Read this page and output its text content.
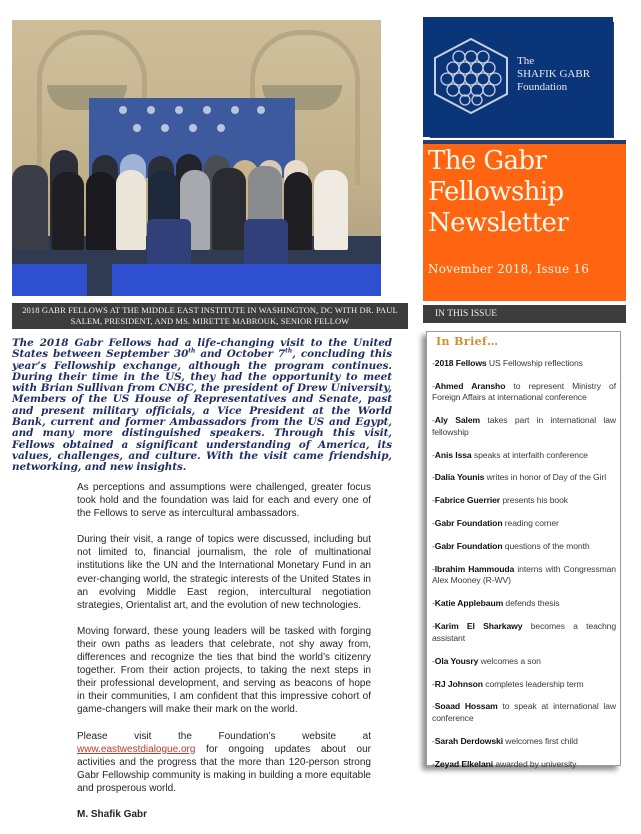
2018 GABR FELLOWS AT THE MIDDLE EAST INSTITUTE IN WASHINGTON, DC WITH DR. PAUL SALEM, PRESIDENT, AND MS. MIRETTE MABROUK, SENIOR FELLOW
The 2018 Gabr Fellows had a life-changing visit to the United States between September 30th and October 7th, concluding this year’s Fellowship exchange, although the program continues. During their time in the US, they had the opportunity to meet with Brian Sullivan from CNBC, the president of Drew University, Members of the US House of Representatives and Senate, past and present military officials, a Vice President at the World Bank, current and former Ambassadors from the US and Egypt, and many more distinguished speakers. Through this visit, Fellows obtained a significant understanding of America, its values, challenges, and culture. With the visit came friendship, networking, and new insights.

As perceptions and assumptions were challenged, greater focus took hold and the foundation was laid for each and every one of the Fellows to serve as intercultural ambassadors.

During their visit, a range of topics were discussed, including but not limited to, financial journalism, the role of multinational institutions like the UN and the International Monetary Fund in an ever-changing world, the strategic interests of the United States in an evolving Middle East region, intercultural negotiation strategies, Orientalist art, and the evolution of new technologies.

Moving forward, these young leaders will be tasked with forging their own paths as leaders that celebrate, not shy away from, differences and recognize the ties that bind the world’s citizenry together. From their action projects, to taking the next steps in their professional development, and serving as beacons of hope in their communities, I am confident that this impressive cohort of game-changers will make their mark on the world.

Please visit the Foundation’s website at www.eastwestdialogue.org for ongoing updates about our activities and the progress that the more than 120-person strong Gabr Fellowship community is making in building a more equitable and prosperous world.

M. Shafik Gabr

The
SHAFIK GABR
Foundation
The Gabr
Fellowship
Newsletter
November 2018, Issue 16
IN THIS ISSUE
In Brief…
-2018 Fellows US Fellowship reflections
-Ahmed Aransho to represent Ministry of Foreign Affairs at international conference
-Aly Salem takes part in international law fellowship
-Anis Issa speaks at interfaith conference
-Dalia Younis writes in honor of Day of the Girl
-Fabrice Guerrier presents his book
-Gabr Foundation reading corner
-Gabr Foundation questions of the month
-Ibrahim Hammouda interns with Congressman Alex Mooney (R-WV)
-Katie Applebaum defends thesis
-Karim El Sharkawy becomes a teachng assistant
-Ola Yousry welcomes a son
-RJ Johnson completes leadership term
-Soaad Hossam to speak at international law conference
-Sarah Derdowski welcomes first child
-Zeyad Elkelani awarded by university
